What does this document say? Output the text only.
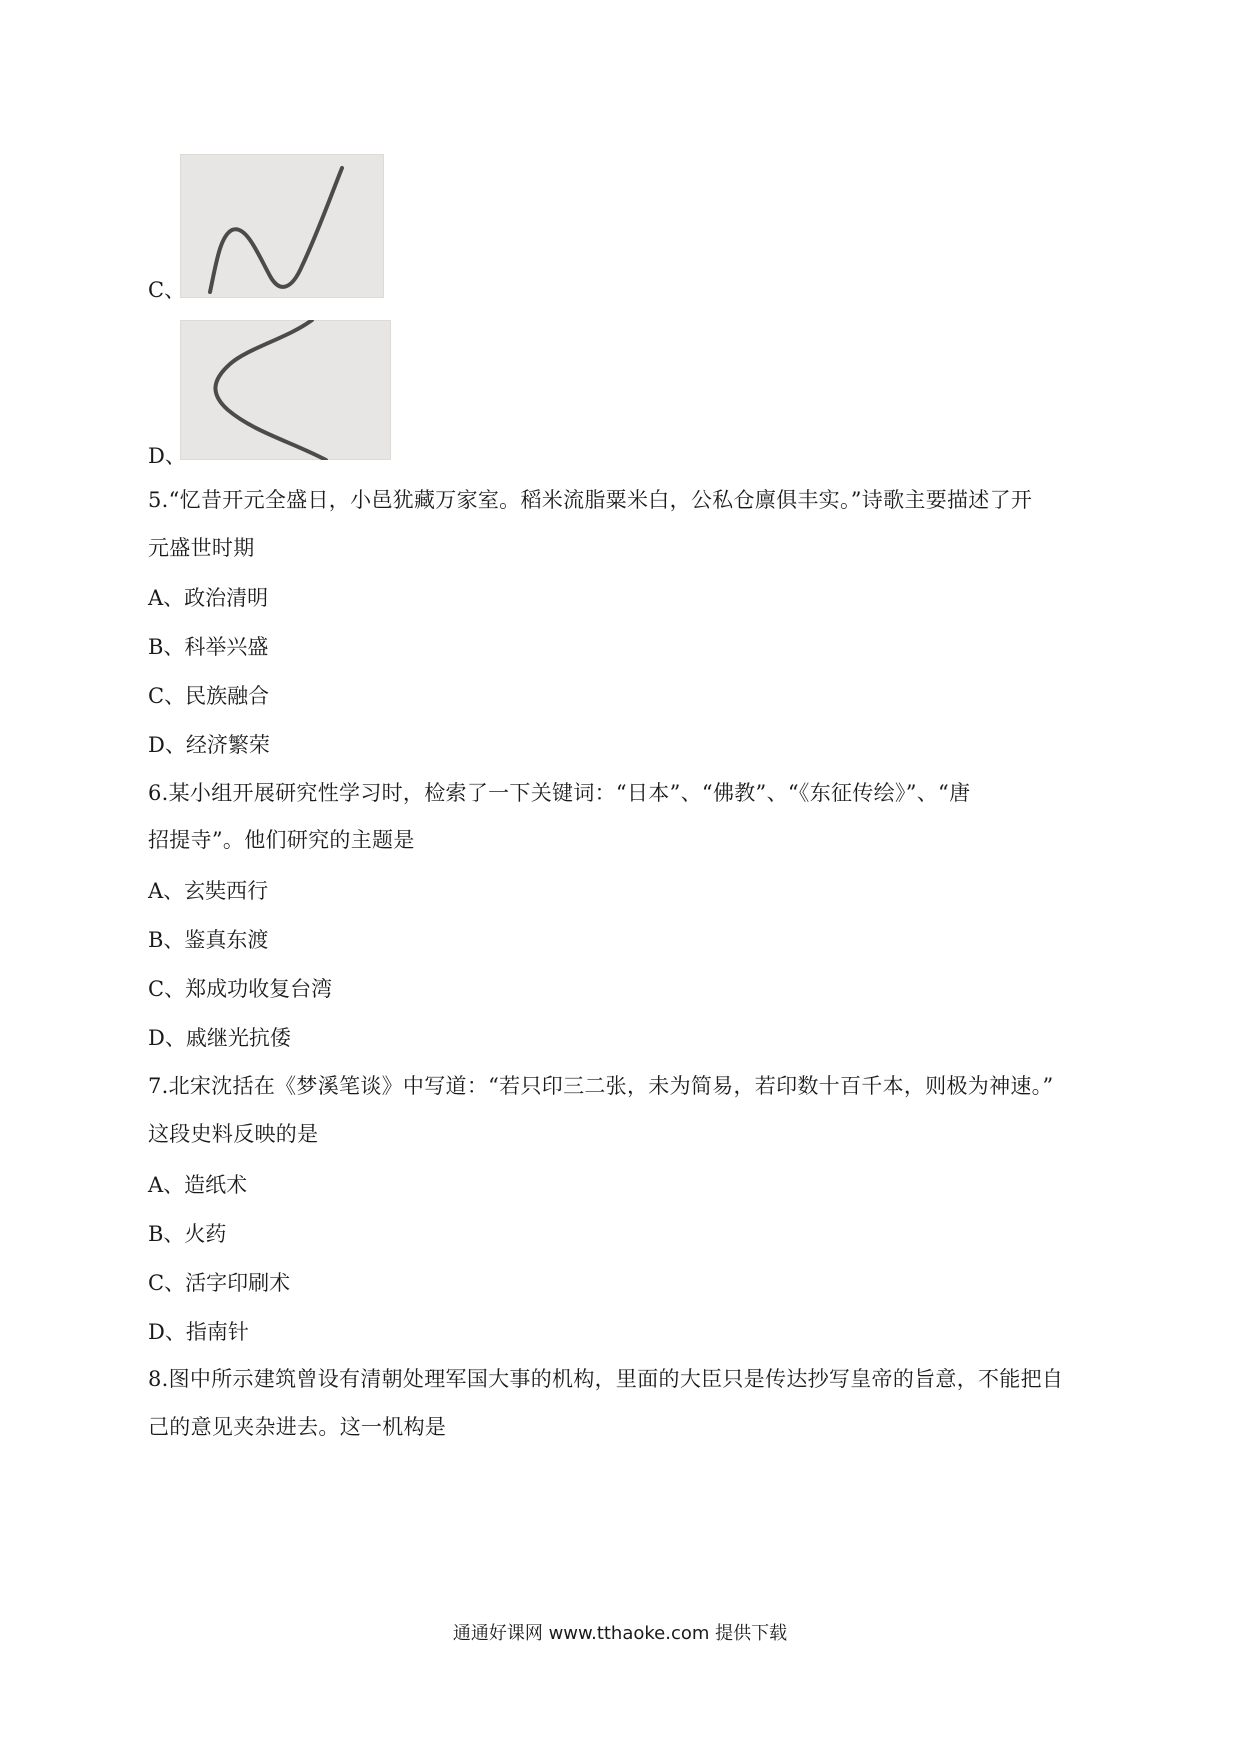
C、
D、
5.“忆昔开元全盛日，小邑犹藏万家室。稻米流脂粟米白，公私仓廪俱丰实。”诗歌主要描述了开
元盛世时期
A、政治清明
B、科举兴盛
C、民族融合
D、经济繁荣
6.某小组开展研究性学习时，检索了一下关键词：“日本”、“佛教”、“《东征传绘》”、“唐
招提寺”。他们研究的主题是
A、玄奘西行
B、鉴真东渡
C、郑成功收复台湾
D、戚继光抗倭
7.北宋沈括在《梦溪笔谈》中写道：“若只印三二张，未为简易，若印数十百千本，则极为神速。”
这段史料反映的是
A、造纸术
B、火药
C、活字印刷术
D、指南针
8.图中所示建筑曾设有清朝处理军国大事的机构，里面的大臣只是传达抄写皇帝的旨意，不能把自
己的意见夹杂进去。这一机构是
通通好课网 www.tthaoke.com 提供下载
